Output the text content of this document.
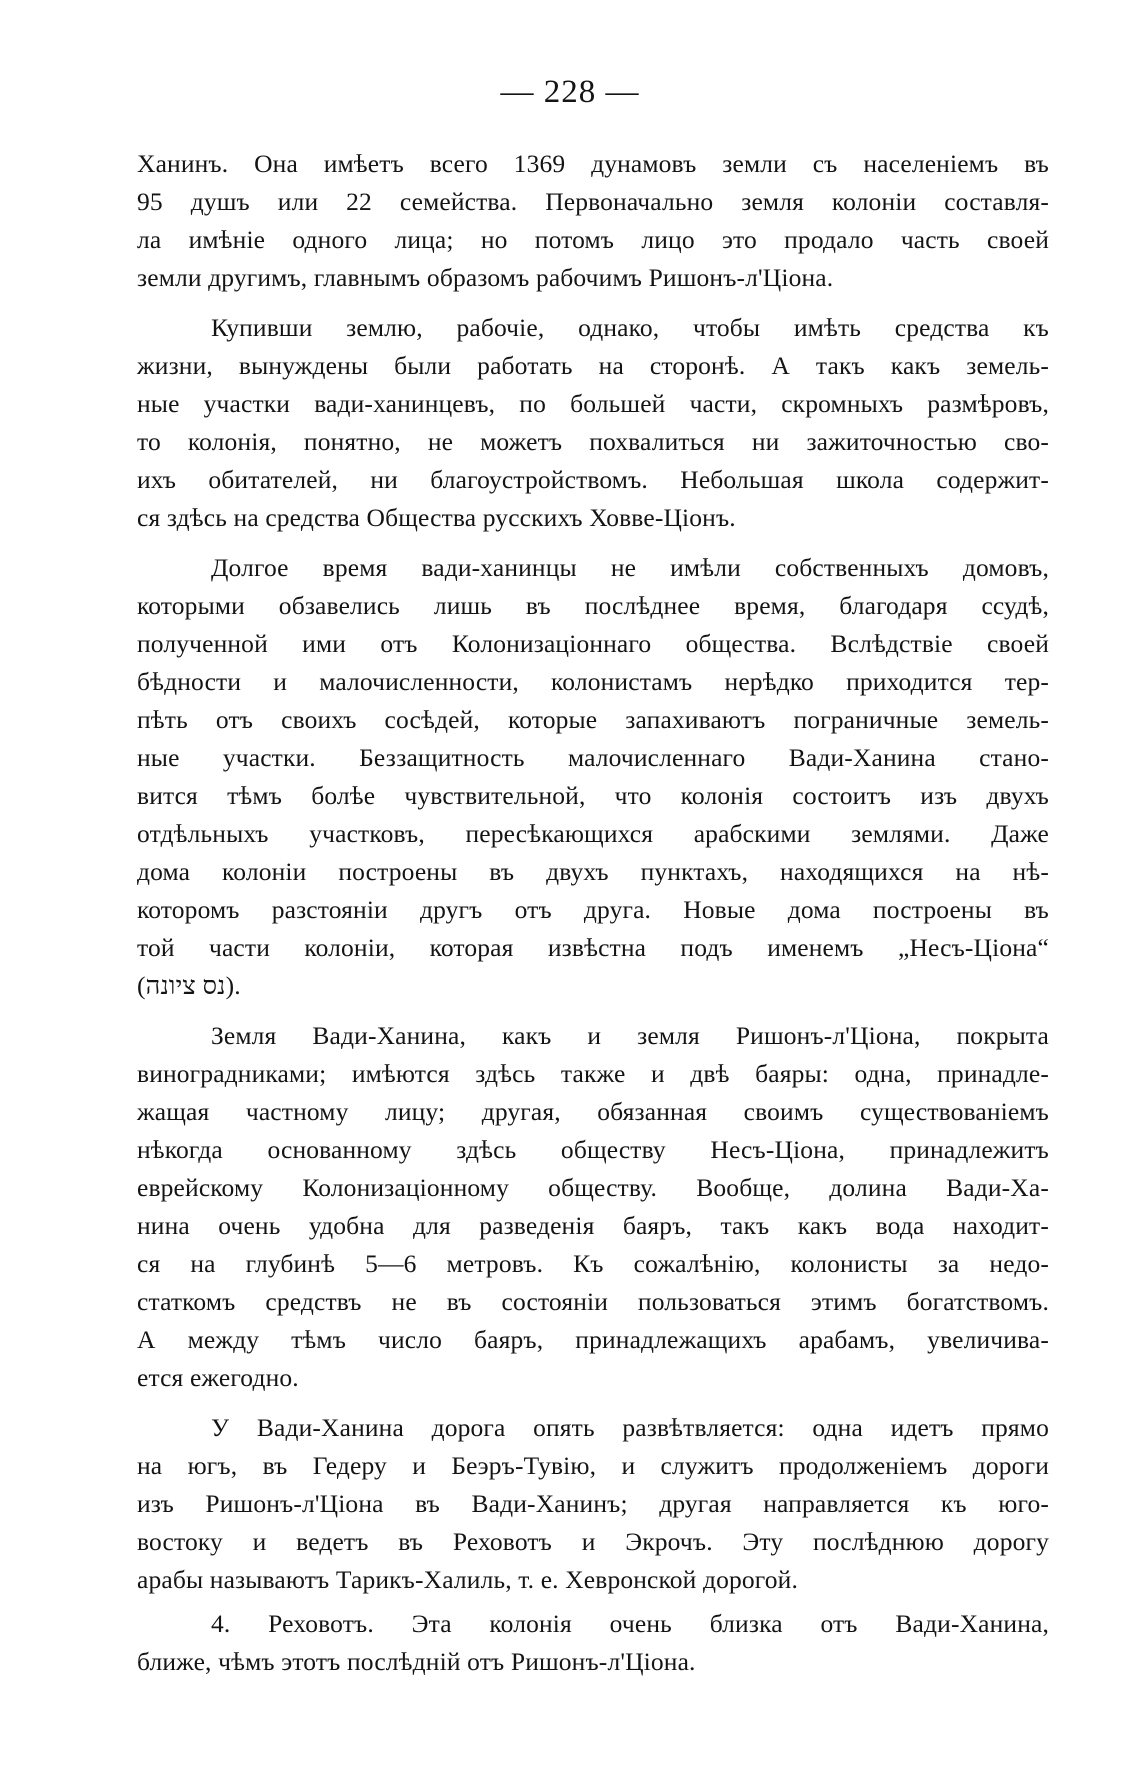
— 228 —
Ханинъ. Она имѣетъ всего 1369 дунамовъ земли съ населеніемъ въ
95 душъ или 22 семейства. Первоначально земля колоніи составля-
ла имѣніе одного лица; но потомъ лицо это продало часть своей
земли другимъ, главнымъ образомъ рабочимъ Ришонъ-л'Ціона.
Купивши землю, рабочіе, однако, чтобы имѣть средства къ
жизни, вынуждены были работать на сторонѣ. А такъ какъ земель-
ные участки вади-ханинцевъ, по большей части, скромныхъ размѣровъ,
то колонія, понятно, не можетъ похвалиться ни зажиточностью сво-
ихъ обитателей, ни благоустройствомъ. Небольшая школа содержит-
ся здѣсь на средства Общества русскихъ Ховве-Ціонъ.
Долгое время вади-ханинцы не имѣли собственныхъ домовъ,
которыми обзавелись лишь въ послѣднее время, благодаря ссудѣ,
полученной ими отъ Колонизаціоннаго общества. Вслѣдствіе своей
бѣдности и малочисленности, колонистамъ нерѣдко приходится тер-
пѣть отъ своихъ сосѣдей, которые запахиваютъ пограничные земель-
ные участки. Беззащитность малочисленнаго Вади-Ханина стано-
вится тѣмъ болѣе чувствительной, что колонія состоитъ изъ двухъ
отдѣльныхъ участковъ, пересѣкающихся арабскими землями. Даже
дома колоніи построены въ двухъ пунктахъ, находящихся на нѣ-
которомъ разстояніи другъ отъ друга. Новые дома построены въ
той части колоніи, которая извѣстна подъ именемъ „Несъ-Ціона“
(נס ציונה).
Земля Вади-Ханина, какъ и земля Ришонъ-л'Ціона, покрыта
виноградниками; имѣются здѣсь также и двѣ баяры: одна, принадле-
жащая частному лицу; другая, обязанная своимъ существованіемъ
нѣкогда основанному здѣсь обществу Несъ-Ціона, принадлежитъ
еврейскому Колонизаціонному обществу. Вообще, долина Вади-Ха-
нина очень удобна для разведенія баяръ, такъ какъ вода находит-
ся на глубинѣ 5—6 метровъ. Къ сожалѣнію, колонисты за недо-
статкомъ средствъ не въ состояніи пользоваться этимъ богатствомъ.
А между тѣмъ число баяръ, принадлежащихъ арабамъ, увеличива-
ется ежегодно.
У Вади-Ханина дорога опять развѣтвляется: одна идетъ прямо
на югъ, въ Гедеру и Беэръ-Тувію, и служитъ продолженіемъ дороги
изъ Ришонъ-л'Ціона въ Вади-Ханинъ; другая направляется къ юго-
востоку и ведетъ въ Реховотъ и Экрочъ. Эту послѣднюю дорогу
арабы называютъ Тарикъ-Халиль, т. е. Хевронской дорогой.
4. Реховотъ. Эта колонія очень близка отъ Вади-Ханина,
ближе, чѣмъ этотъ послѣдній отъ Ришонъ-л'Ціона.
